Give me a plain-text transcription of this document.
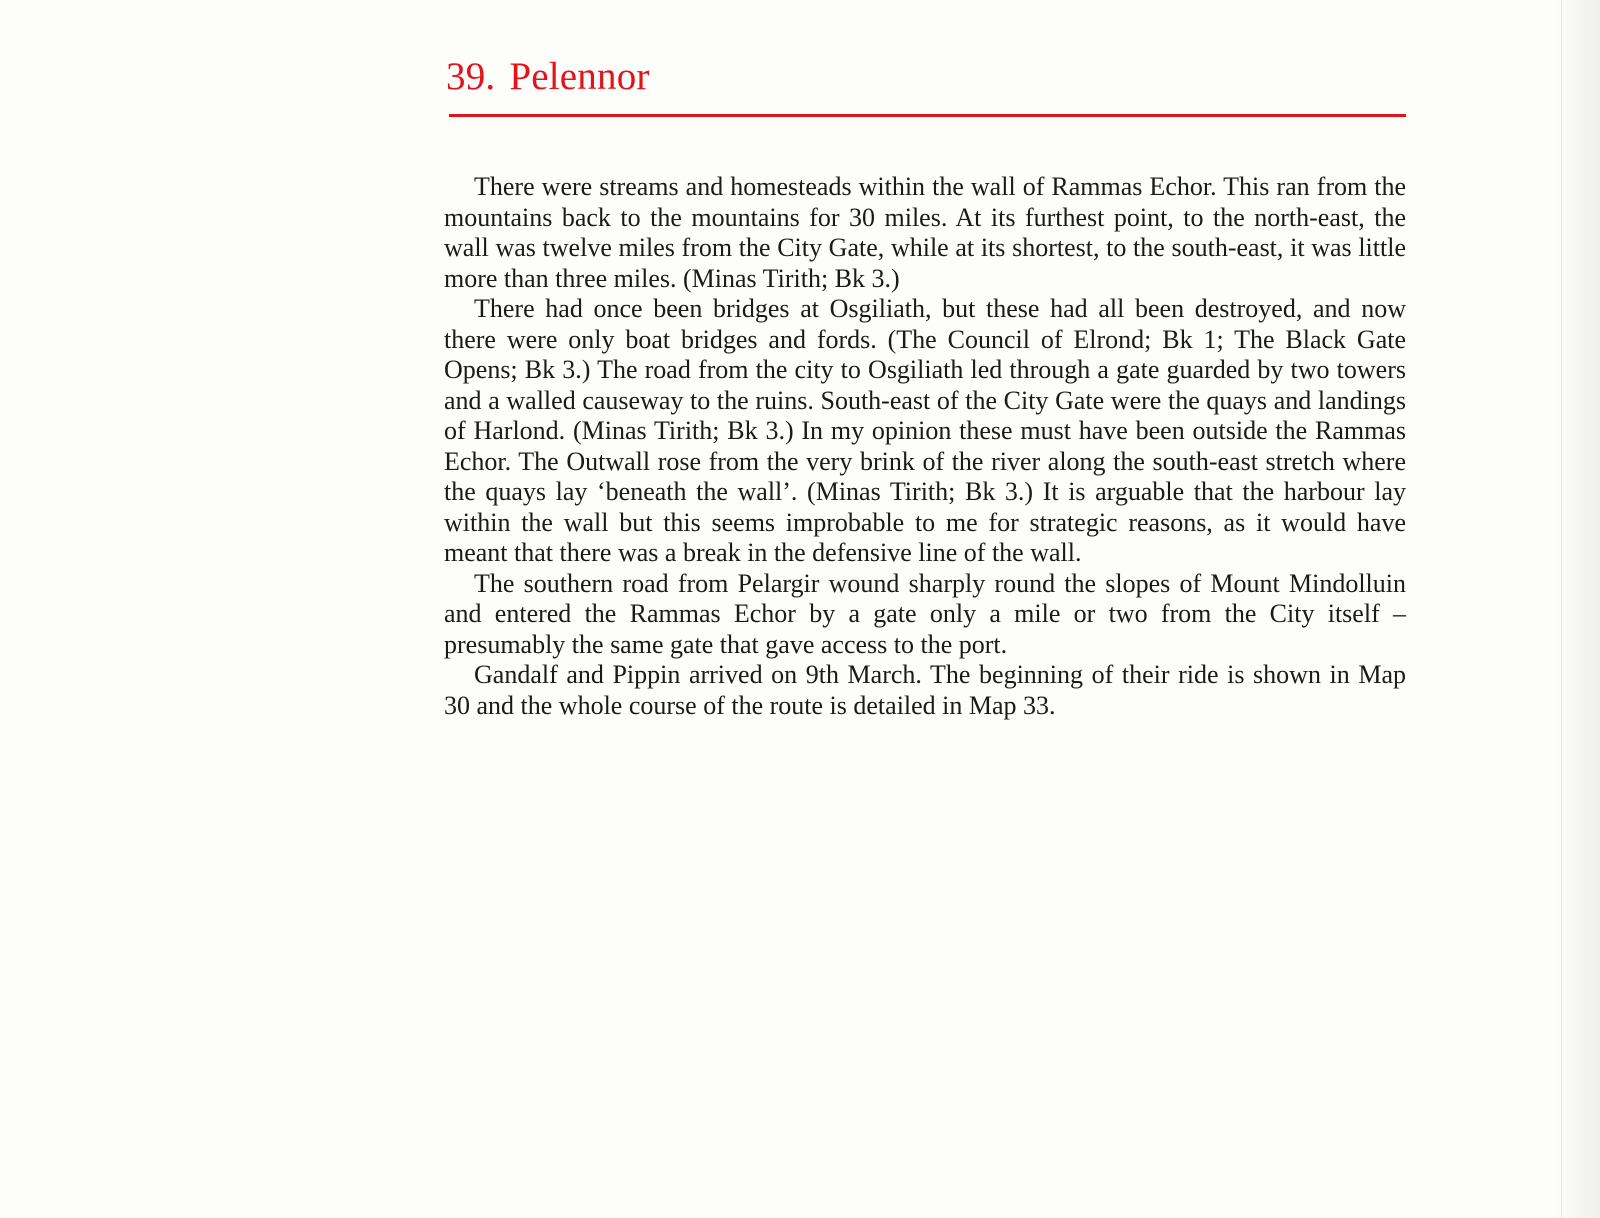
39. Pelennor

There were streams and homesteads within the wall of Rammas Echor. This ran from the mountains back to the mountains for 30 miles. At its furthest point, to the north-east, the wall was twelve miles from the City Gate, while at its shortest, to the south-east, it was little more than three miles. (Minas Tirith; Bk 3.)

There had once been bridges at Osgiliath, but these had all been destroyed, and now there were only boat bridges and fords. (The Council of Elrond; Bk 1; The Black Gate Opens; Bk 3.) The road from the city to Osgiliath led through a gate guarded by two towers and a walled causeway to the ruins. South-east of the City Gate were the quays and landings of Harlond. (Minas Tirith; Bk 3.) In my opinion these must have been outside the Rammas Echor. The Outwall rose from the very brink of the river along the south-east stretch where the quays lay ‘beneath the wall’. (Minas Tirith; Bk 3.) It is arguable that the harbour lay within the wall but this seems improbable to me for strategic reasons, as it would have meant that there was a break in the defensive line of the wall.

The southern road from Pelargir wound sharply round the slopes of Mount Mindolluin and entered the Rammas Echor by a gate only a mile or two from the City itself – presumably the same gate that gave access to the port.

Gandalf and Pippin arrived on 9th March. The beginning of their ride is shown in Map 30 and the whole course of the route is detailed in Map 33.
